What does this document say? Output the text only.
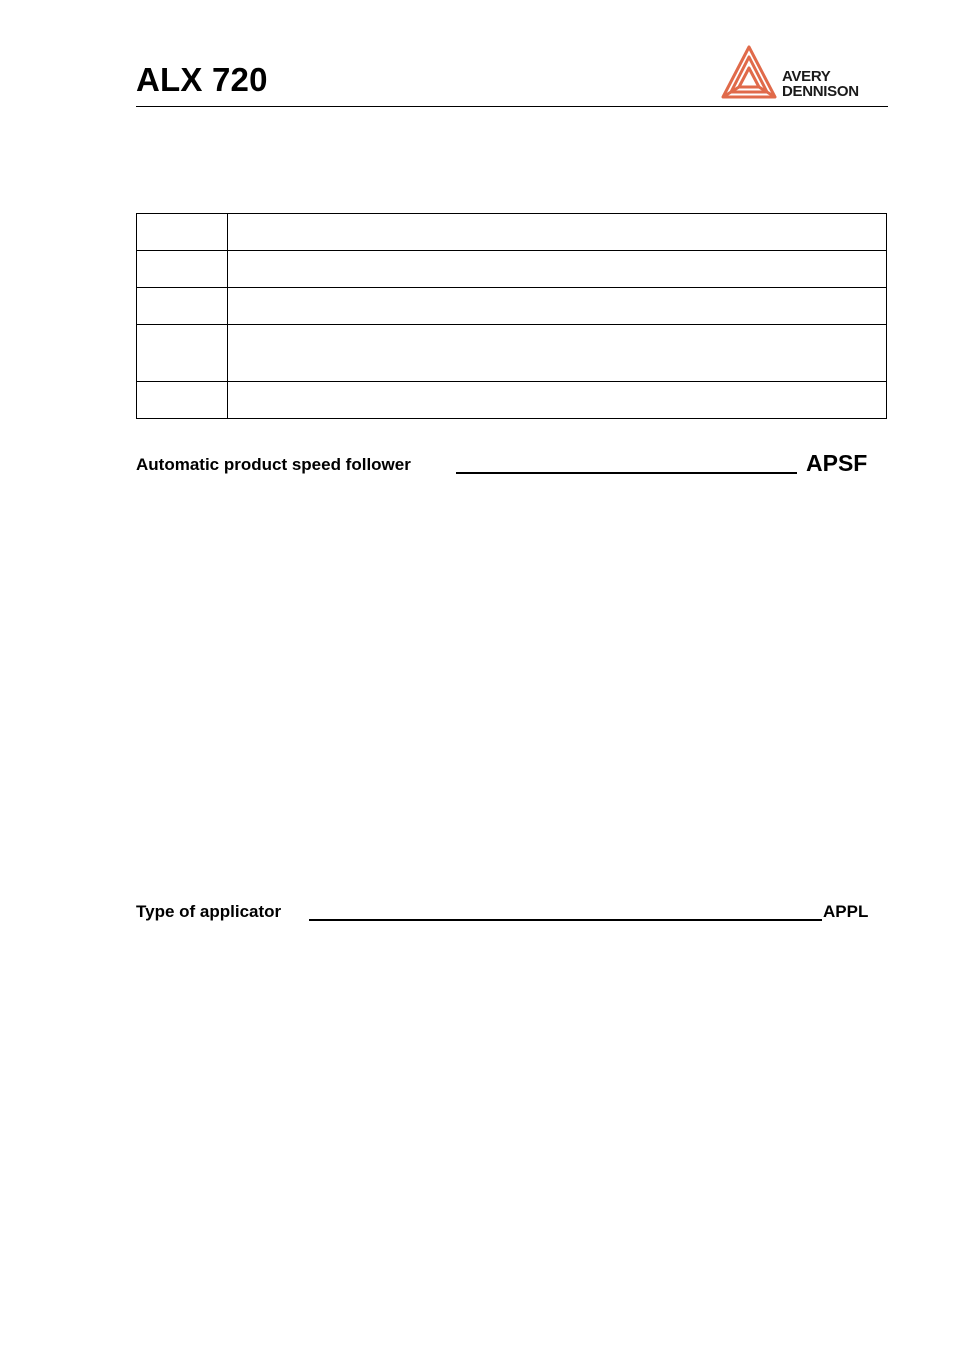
ALX 720	AVERY
DENNISON

Automatic product speed follower	APSF
Type of applicator	APPL
